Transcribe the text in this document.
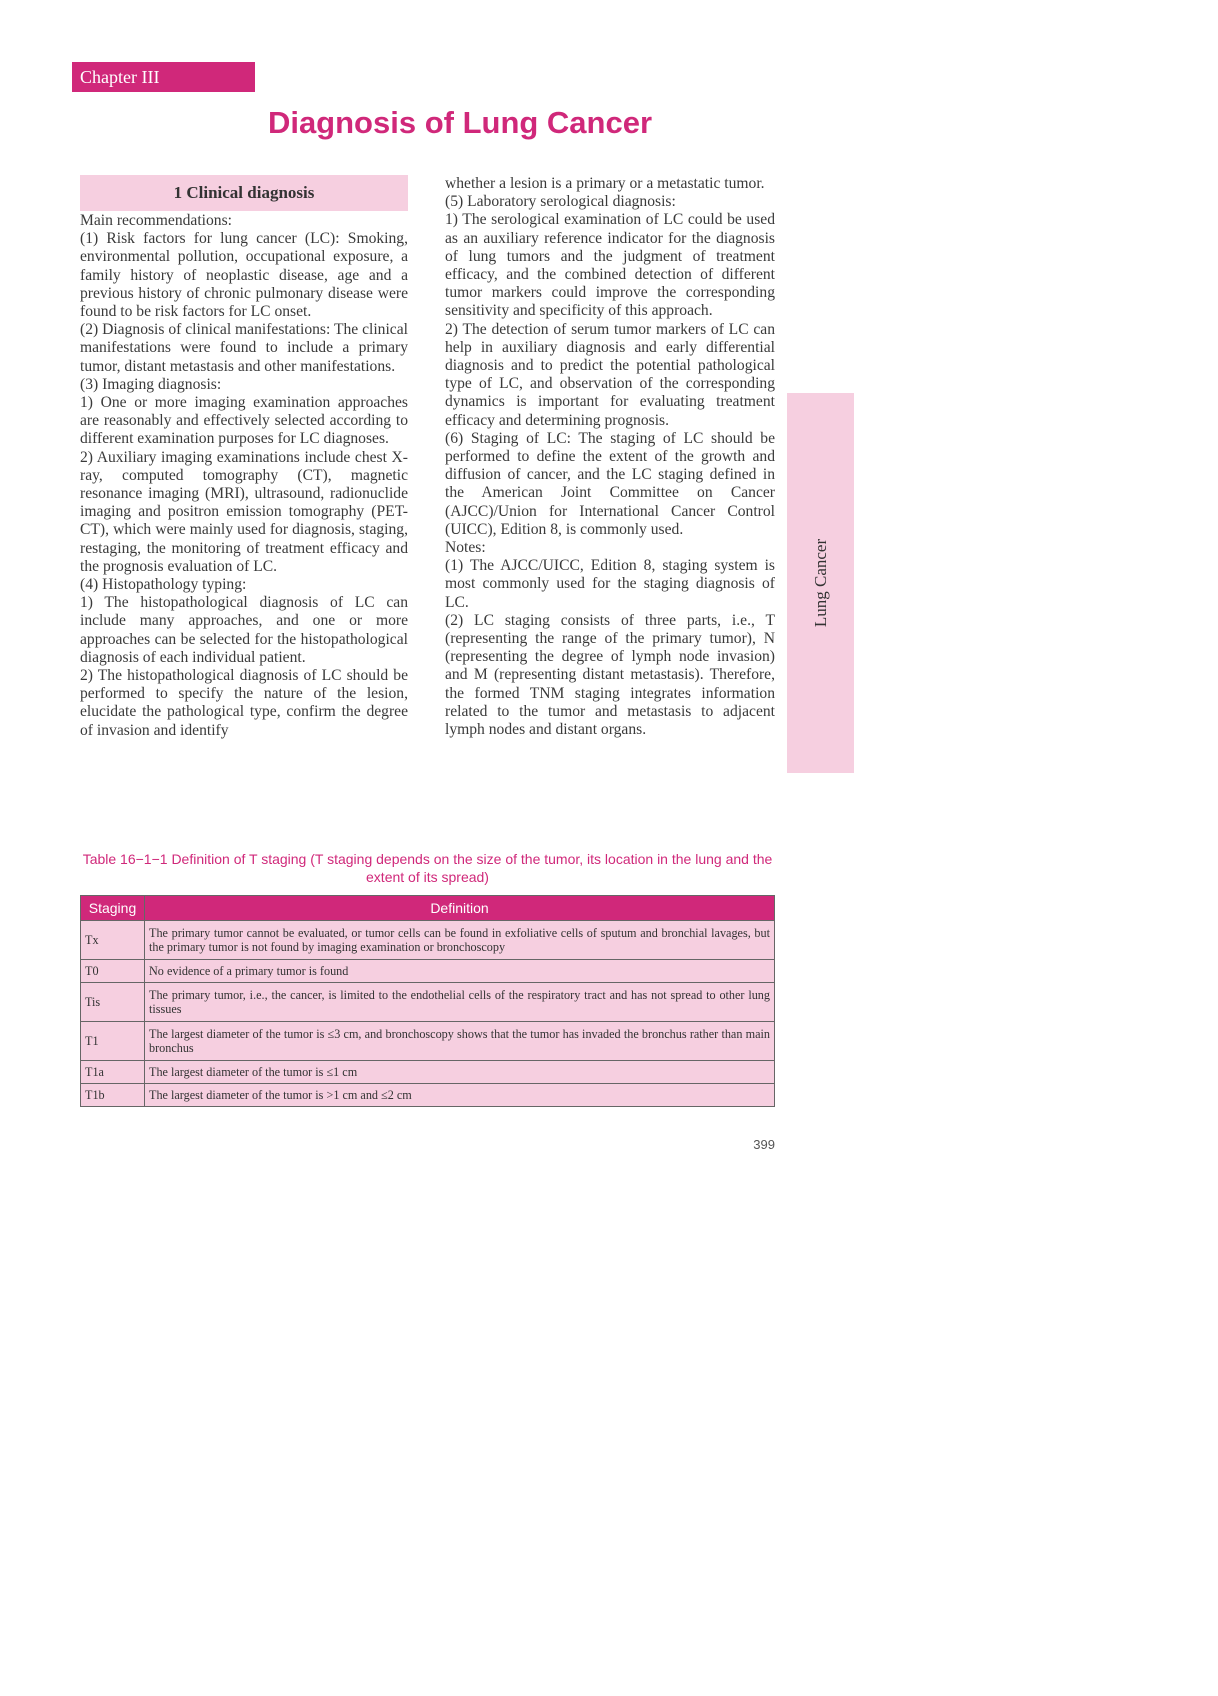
Chapter III
Diagnosis of Lung Cancer
1 Clinical diagnosis

Main recommendations:

(1) Risk factors for lung cancer (LC): Smoking, environmental pollution, occupational exposure, a family history of neoplastic disease, age and a previous history of chronic pulmonary disease were found to be risk factors for LC onset.

(2) Diagnosis of clinical manifestations: The clinical manifestations were found to include a primary tumor, distant metastasis and other manifestations.

(3) Imaging diagnosis:

1) One or more imaging examination approaches are reasonably and effectively selected according to different examination purposes for LC diagnoses.

2) Auxiliary imaging examinations include chest X-ray, computed tomography (CT), magnetic resonance imaging (MRI), ultrasound, radionuclide imaging and positron emission tomography (PET-CT), which were mainly used for diagnosis, staging, restaging, the monitoring of treatment efficacy and the prognosis evaluation of LC.

(4) Histopathology typing:

1) The histopathological diagnosis of LC can include many approaches, and one or more approaches can be selected for the histopathological diagnosis of each individual patient.

2) The histopathological diagnosis of LC should be performed to specify the nature of the lesion, elucidate the pathological type, confirm the degree of invasion and identify

whether a lesion is a primary or a metastatic tumor.

(5) Laboratory serological diagnosis:

1) The serological examination of LC could be used as an auxiliary reference indicator for the diagnosis of lung tumors and the judgment of treatment efficacy, and the combined detection of different tumor markers could improve the corresponding sensitivity and specificity of this approach.

2) The detection of serum tumor markers of LC can help in auxiliary diagnosis and early differential diagnosis and to predict the potential pathological type of LC, and observation of the corresponding dynamics is important for evaluating treatment efficacy and determining prognosis.

(6) Staging of LC: The staging of LC should be performed to define the extent of the growth and diffusion of cancer, and the LC staging defined in the American Joint Committee on Cancer (AJCC)/Union for International Cancer Control (UICC), Edition 8, is commonly used.

Notes:

(1) The AJCC/UICC, Edition 8, staging system is most commonly used for the staging diagnosis of LC.

(2) LC staging consists of three parts, i.e., T (representing the range of the primary tumor), N (representing the degree of lymph node invasion) and M (representing distant metastasis). Therefore, the formed TNM staging integrates information related to the tumor and metastasis to adjacent lymph nodes and distant organs.

Lung Cancer
Table 16−1−1 Definition of T staging (T staging depends on the size of the tumor, its location in the lung and the extent of its spread)
Staging	Definition
Tx	The primary tumor cannot be evaluated, or tumor cells can be found in exfoliative cells of sputum and bronchial lavages, but the primary tumor is not found by imaging examination or bronchoscopy
T0	No evidence of a primary tumor is found
Tis	The primary tumor, i.e., the cancer, is limited to the endothelial cells of the respiratory tract and has not spread to other lung tissues
T1	The largest diameter of the tumor is ≤3 cm, and bronchoscopy shows that the tumor has invaded the bronchus rather than main bronchus
T1a	The largest diameter of the tumor is ≤1 cm
T1b	The largest diameter of the tumor is >1 cm and ≤2 cm
399
